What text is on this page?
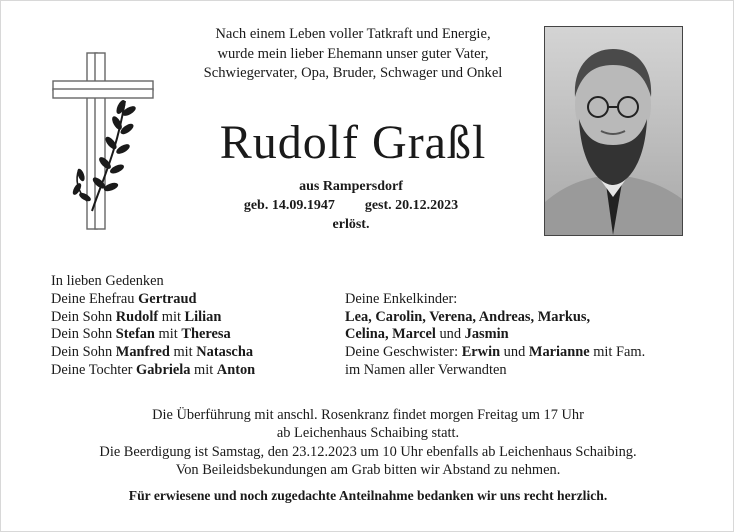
Nach einem Leben voller Tatkraft und Energie,
wurde mein lieber Ehemann unser guter Vater,
Schwiegervater, Opa, Bruder, Schwager und Onkel
Rudolf Graßl
aus Rampersdorf
geb. 14.09.1947 gest. 20.12.2023
erlöst.
In lieben Gedenken
Deine Ehefrau Gertraud
Dein Sohn Rudolf mit Lilian
Dein Sohn Stefan mit Theresa
Dein Sohn Manfred mit Natascha
Deine Tochter Gabriela mit Anton

Deine Enkelkinder:
Lea, Carolin, Verena, Andreas, Markus,
Celina, Marcel und Jasmin
Deine Geschwister: Erwin und Marianne mit Fam.
im Namen aller Verwandten
Die Überführung mit anschl. Rosenkranz findet morgen Freitag um 17 Uhr
ab Leichenhaus Schaibing statt.
Die Beerdigung ist Samstag, den 23.12.2023 um 10 Uhr ebenfalls ab Leichenhaus Schaibing.
Von Beileidsbekundungen am Grab bitten wir Abstand zu nehmen.
Für erwiesene und noch zugedachte Anteilnahme bedanken wir uns recht herzlich.
